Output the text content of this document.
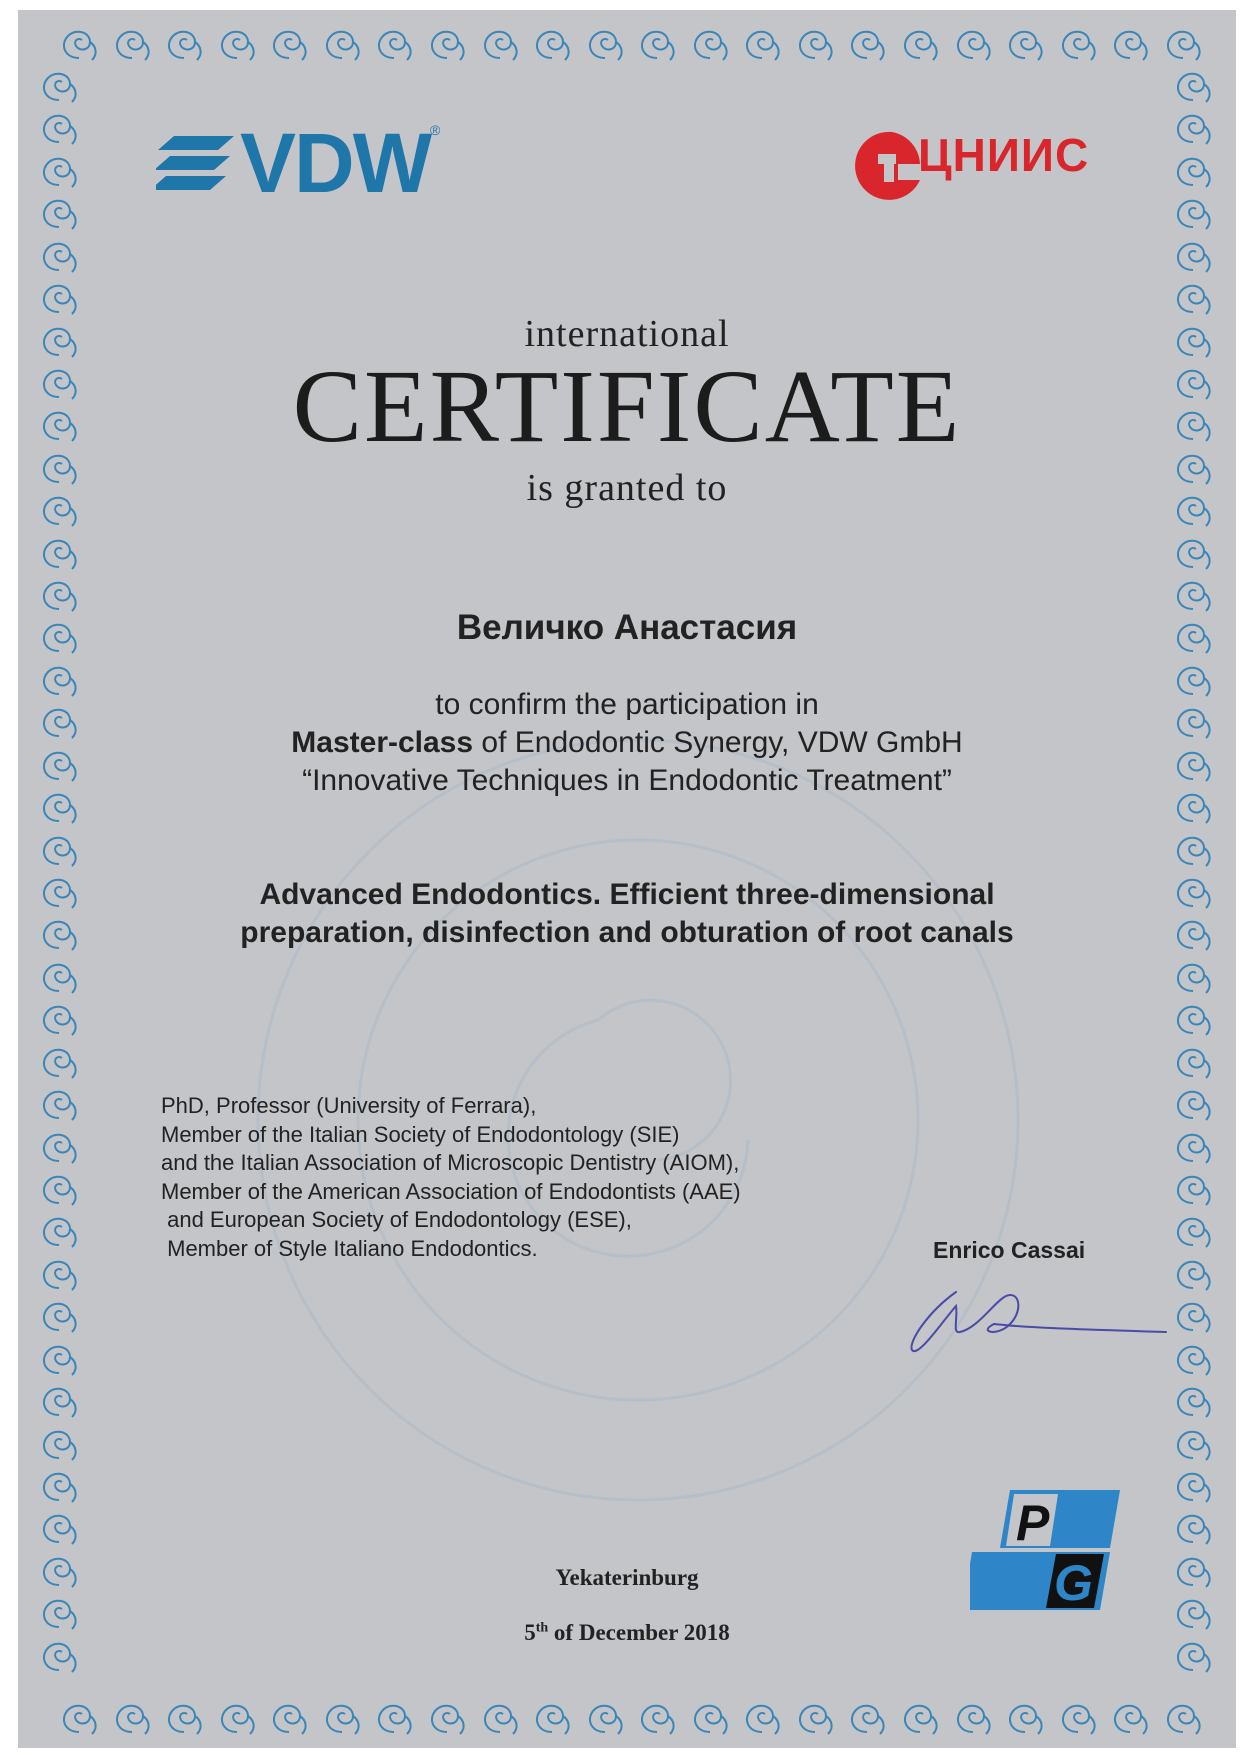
VDW ®	ЦНИИС
international
CERTIFICATE
is granted to
Величко Анастасия
to confirm the participation in
Master-class of Endodontic Synergy, VDW GmbH
“Innovative Techniques in Endodontic Treatment”
Advanced Endodontics. Efficient three-dimensional
preparation, disinfection and obturation of root canals
PhD, Professor (University of Ferrara),
Member of the Italian Society of Endodontology (SIE)
and the Italian Association of Microscopic Dentistry (AIOM),
Member of the American Association of Endodontists (AAE)
and European Society of Endodontology (ESE),
Member of Style Italiano Endodontics.	Enrico Cassai
P
G
Yekaterinburg
5th of December 2018
